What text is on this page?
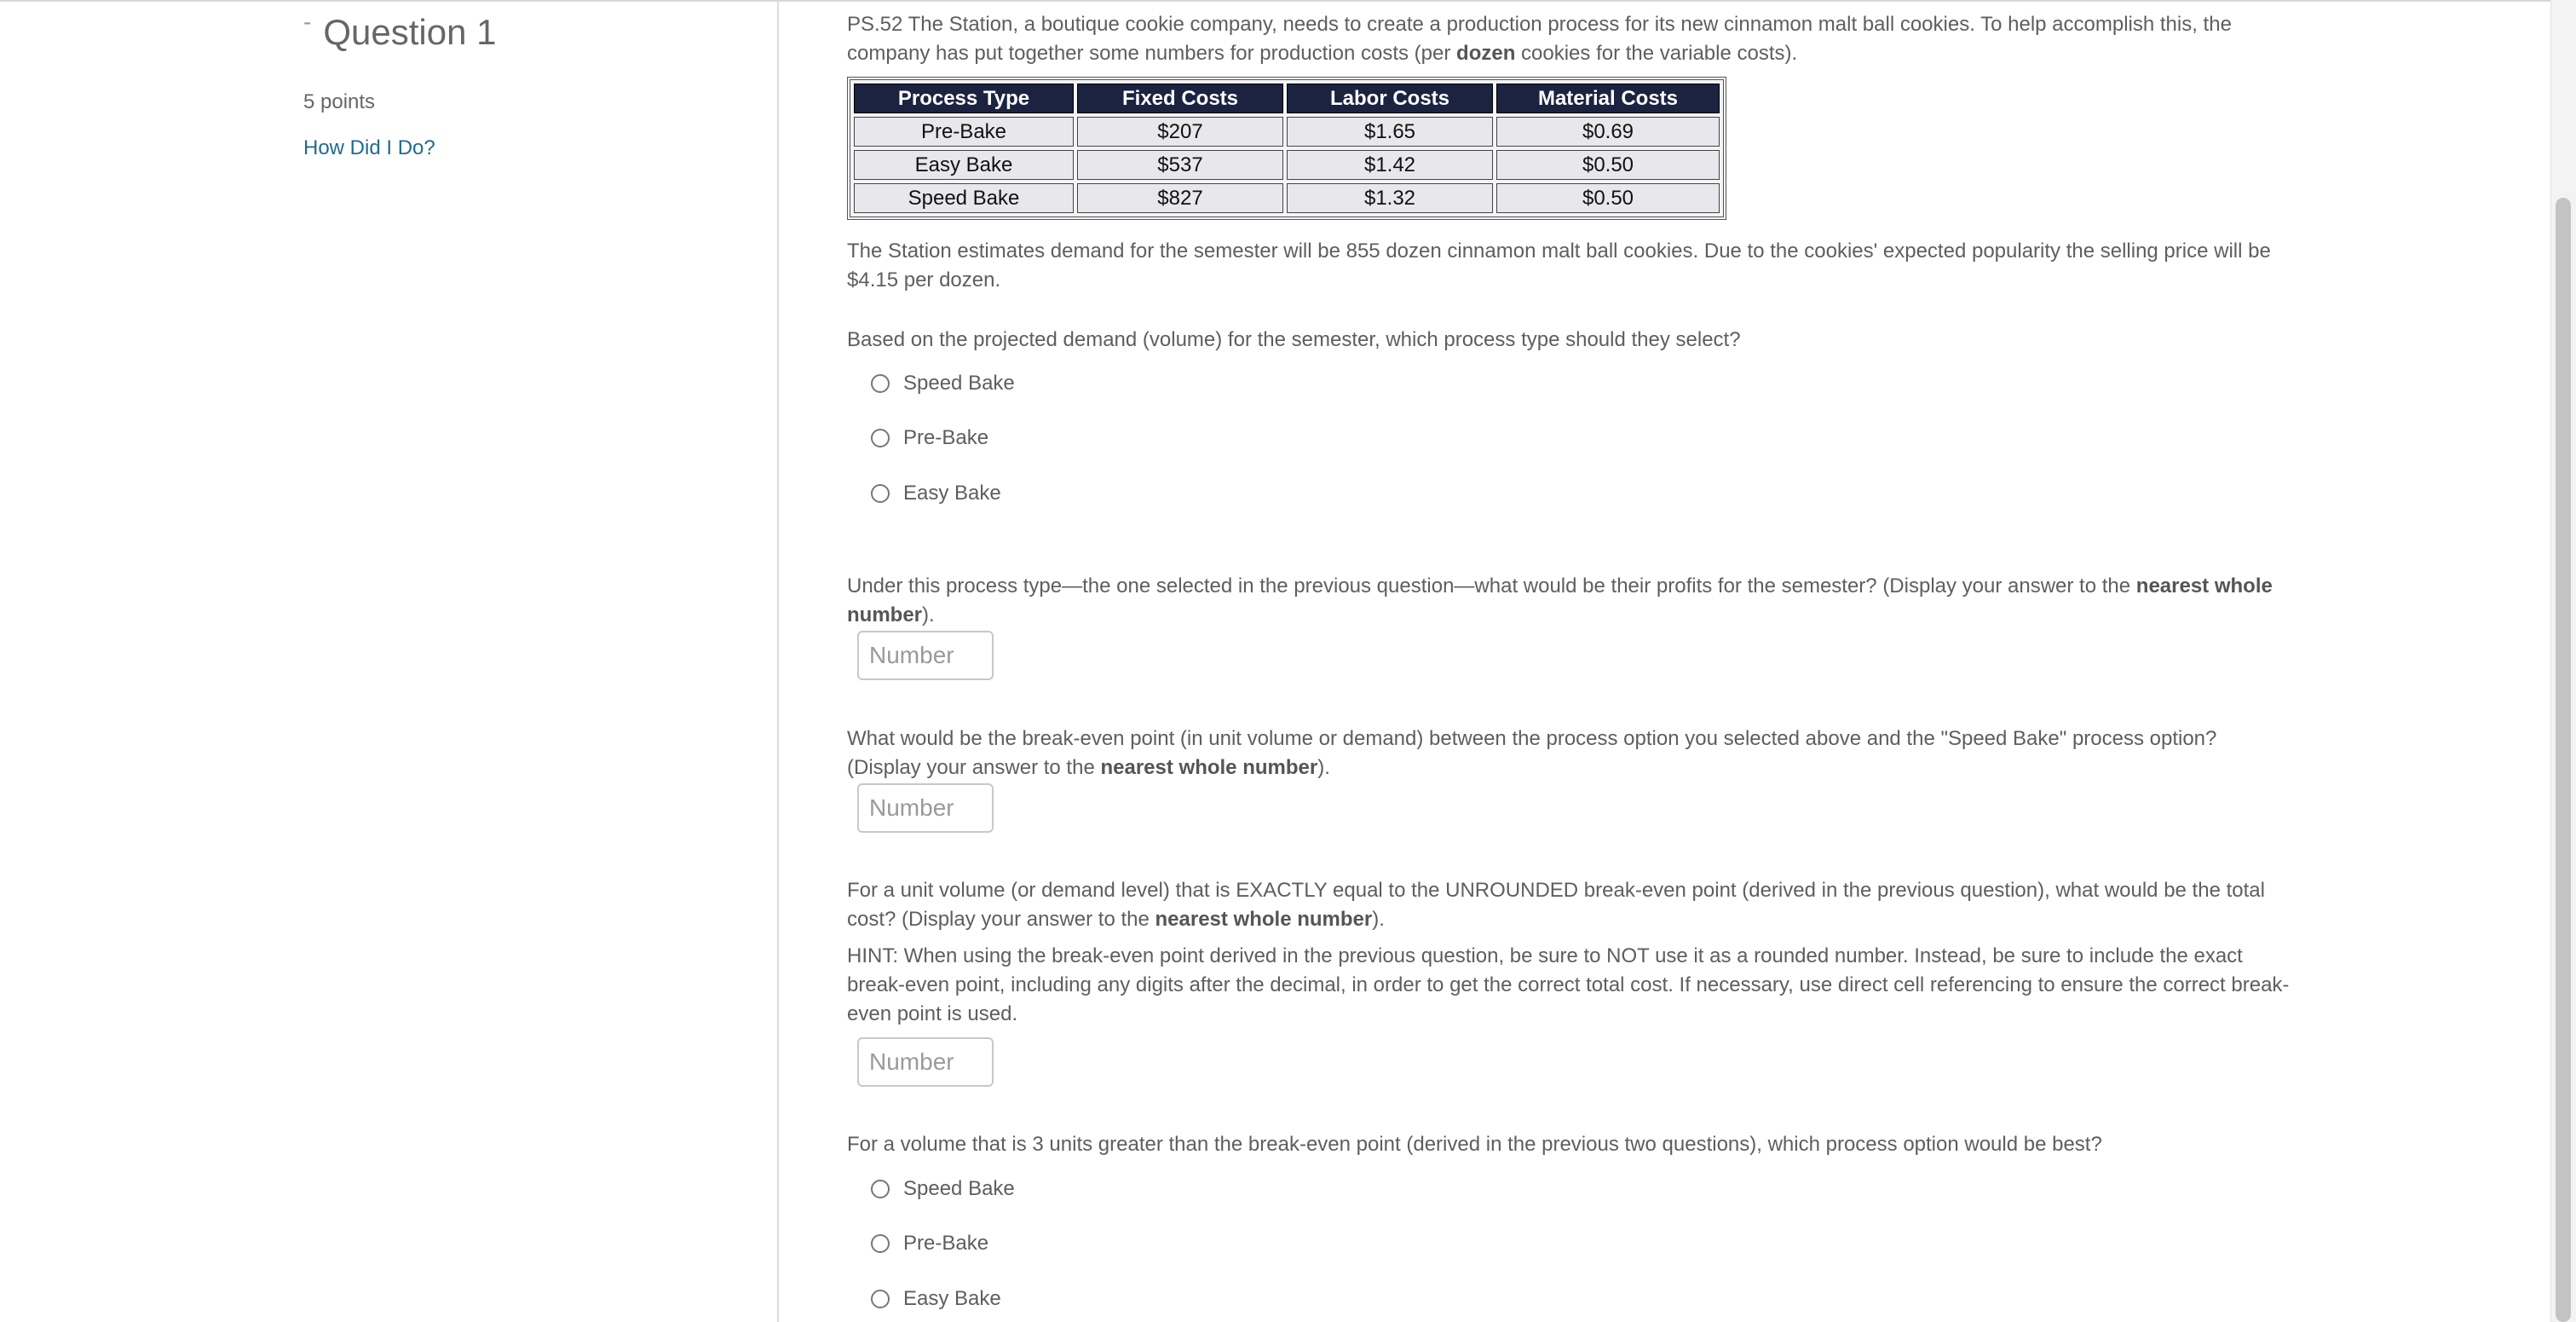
- Question 1
5 points
How Did I Do?

PS.52 The Station, a boutique cookie company, needs to create a production process for its new cinnamon malt ball cookies. To help accomplish this, the company has put together some numbers for production costs (per dozen cookies for the variable costs).

Process Type	Fixed Costs	Labor Costs	Material Costs
Pre-Bake	$207	$1.65	$0.69
Easy Bake	$537	$1.42	$0.50
Speed Bake	$827	$1.32	$0.50

The Station estimates demand for the semester will be 855 dozen cinnamon malt ball cookies. Due to the cookies' expected popularity the selling price will be $4.15 per dozen.

Based on the projected demand (volume) for the semester, which process type should they select?

Speed Bake
Pre-Bake
Easy Bake

Under this process type—the one selected in the previous question—what would be their profits for the semester? (Display your answer to the nearest whole number).

Number

What would be the break-even point (in unit volume or demand) between the process option you selected above and the "Speed Bake" process option? (Display your answer to the nearest whole number).

Number

For a unit volume (or demand level) that is EXACTLY equal to the UNROUNDED break-even point (derived in the previous question), what would be the total cost? (Display your answer to the nearest whole number).

HINT: When using the break-even point derived in the previous question, be sure to NOT use it as a rounded number. Instead, be sure to include the exact break-even point, including any digits after the decimal, in order to get the correct total cost. If necessary, use direct cell referencing to ensure the correct break-even point is used.

Number

For a volume that is 3 units greater than the break-even point (derived in the previous two questions), which process option would be best?

Speed Bake
Pre-Bake
Easy Bake
